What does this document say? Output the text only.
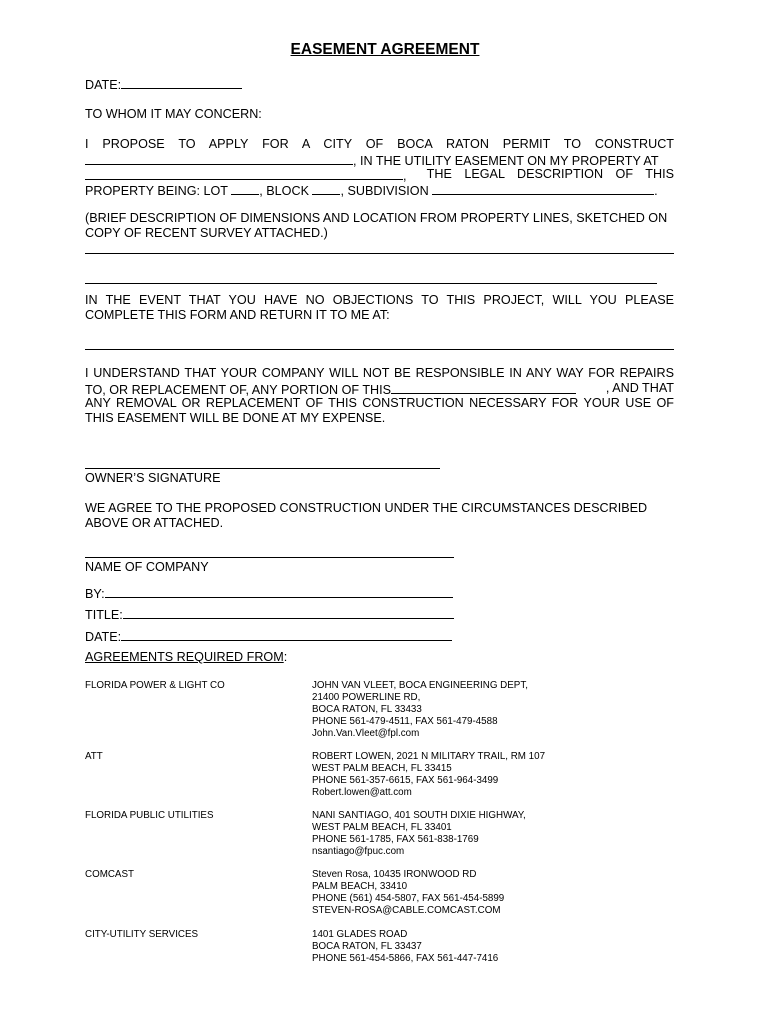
EASEMENT AGREEMENT
DATE:
TO WHOM IT MAY CONCERN:
I PROPOSE TO APPLY FOR A CITY OF BOCA RATON PERMIT TO CONSTRUCT
, IN THE UTILITY EASEMENT ON MY PROPERTY AT
, THE LEGAL DESCRIPTION OF THIS
PROPERTY BEING: LOT	, BLOCK	, SUBDIVISION	.
(BRIEF DESCRIPTION OF DIMENSIONS AND LOCATION FROM PROPERTY LINES, SKETCHED ON
COPY OF RECENT SURVEY ATTACHED.)
IN THE EVENT THAT YOU HAVE NO OBJECTIONS TO THIS PROJECT, WILL YOU PLEASE
COMPLETE THIS FORM AND RETURN IT TO ME AT:
I UNDERSTAND THAT YOUR COMPANY WILL NOT BE RESPONSIBLE IN ANY WAY FOR REPAIRS
TO, OR REPLACEMENT OF, ANY PORTION OF THIS	, AND THAT
ANY REMOVAL OR REPLACEMENT OF THIS CONSTRUCTION NECESSARY FOR YOUR USE OF
THIS EASEMENT WILL BE DONE AT MY EXPENSE.
OWNER’S SIGNATURE
WE AGREE TO THE PROPOSED CONSTRUCTION UNDER THE CIRCUMSTANCES DESCRIBED
ABOVE OR ATTACHED.
NAME OF COMPANY
BY:
TITLE:
DATE:
AGREEMENTS REQUIRED FROM:
FLORIDA POWER & LIGHT CO	JOHN VAN VLEET, BOCA ENGINEERING DEPT,
21400 POWERLINE RD,
BOCA RATON, FL 33433
PHONE 561-479-4511, FAX 561-479-4588
John.Van.Vleet@fpl.com
ATT	ROBERT LOWEN, 2021 N MILITARY TRAIL, RM 107
WEST PALM BEACH, FL 33415
PHONE 561-357-6615, FAX 561-964-3499
Robert.lowen@att.com
FLORIDA PUBLIC UTILITIES	NANI SANTIAGO, 401 SOUTH DIXIE HIGHWAY,
WEST PALM BEACH, FL 33401
PHONE 561-1785, FAX 561-838-1769
nsantiago@fpuc.com
COMCAST	Steven Rosa, 10435 IRONWOOD RD
PALM BEACH, 33410
PHONE (561) 454-5807, FAX 561-454-5899
STEVEN-ROSA@CABLE.COMCAST.COM
CITY-UTILITY SERVICES	1401 GLADES ROAD
BOCA RATON, FL 33437
PHONE 561-454-5866, FAX 561-447-7416
